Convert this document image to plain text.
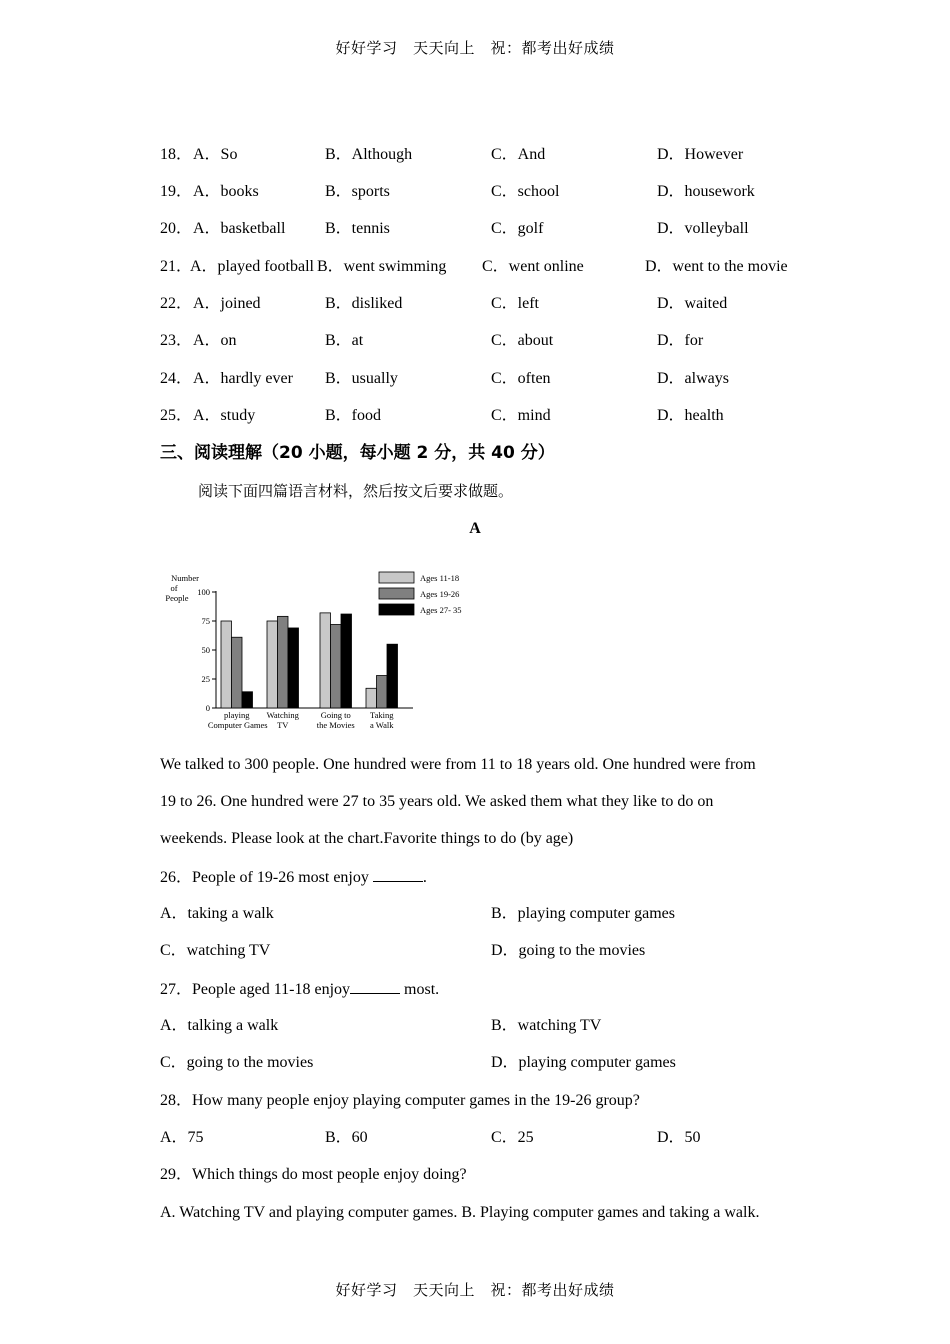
好好学习　天天向上　祝：都考出好成绩
18． A．So	B．Although	C．And	D．However
19． A．books	B．sports	C．school	D．housework
20． A．basketball B．tennis	C．golf	D．volleyball
21．
A．played football B．went swimming C．went online	D．went to the movie
22． A．joined	B．disliked	C．left	D．waited
23． A．on	B．at	C．about	D．for
24． A．hardly ever B．usually	C．often	D．always
25． A．study	B．food	C．mind	D．health
三、阅读理解（20 小题，每小题 2 分，共 40 分）
阅读下面四篇语言材料，然后按文后要求做题。
A
Number
of
People
100
75
50
25
0
playing
Computer Games
Watching
TV
Going to
the Movies
Taking
a Walk
Ages 11-18
Ages 19-26
Ages 27- 35
We talked to 300 people. One hundred were from 11 to 18 years old. One hundred were from
19 to 26. One hundred were 27 to 35 years old. We asked them what they like to do on
weekends. Please look at the chart.Favorite things to do (by age)
26．People of 19-26 most enjoy	.
A．taking a walk	B．playing computer games
C．watching TV	D．going to the movies
27．People aged 11-18 enjoy	most.
A．talking a walk	B．watching TV
C．going to the movies	D．playing computer games
28．How many people enjoy playing computer games in the 19-26 group?
A．75	B．60	C．25	D．50
29．Which things do most people enjoy doing?
A. Watching TV and playing computer games. B. Playing computer games and taking a walk.
好好学习　天天向上　祝：都考出好成绩
